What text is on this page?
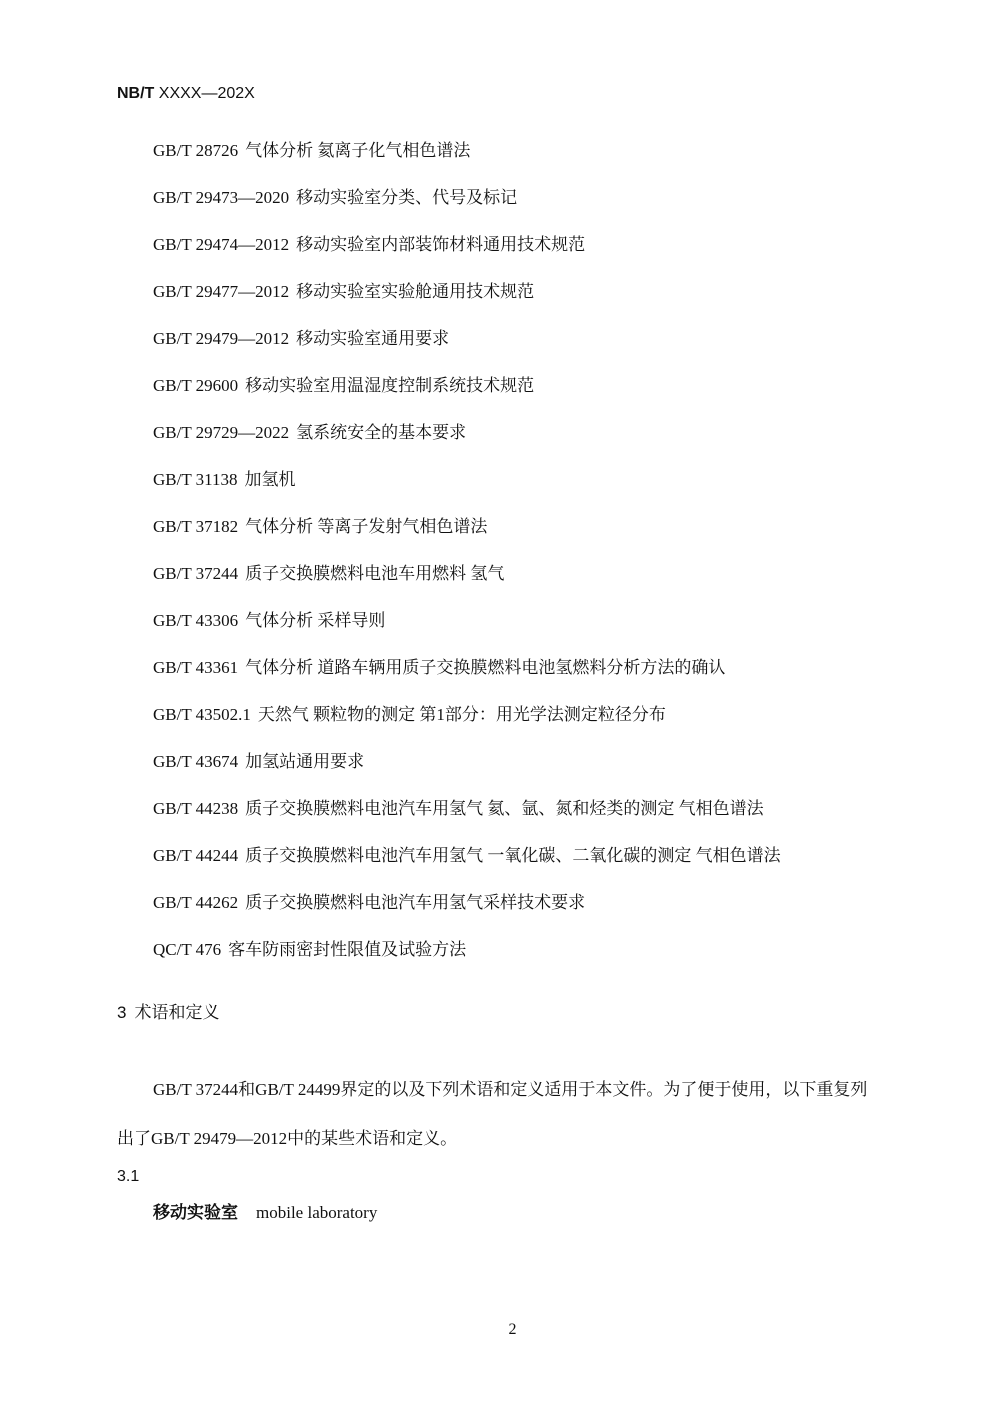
NB/T XXXX—202X
GB/T 28726 气体分析 氦离子化气相色谱法
GB/T 29473—2020 移动实验室分类、代号及标记
GB/T 29474—2012 移动实验室内部装饰材料通用技术规范
GB/T 29477—2012 移动实验室实验舱通用技术规范
GB/T 29479—2012 移动实验室通用要求
GB/T 29600 移动实验室用温湿度控制系统技术规范
GB/T 29729—2022 氢系统安全的基本要求
GB/T 31138 加氢机
GB/T 37182 气体分析 等离子发射气相色谱法
GB/T 37244 质子交换膜燃料电池车用燃料 氢气
GB/T 43306 气体分析 采样导则
GB/T 43361 气体分析 道路车辆用质子交换膜燃料电池氢燃料分析方法的确认
GB/T 43502.1 天然气 颗粒物的测定 第1部分：用光学法测定粒径分布
GB/T 43674 加氢站通用要求
GB/T 44238 质子交换膜燃料电池汽车用氢气 氦、氩、氮和烃类的测定 气相色谱法
GB/T 44244 质子交换膜燃料电池汽车用氢气 一氧化碳、二氧化碳的测定 气相色谱法
GB/T 44262 质子交换膜燃料电池汽车用氢气采样技术要求
QC/T 476 客车防雨密封性限值及试验方法
3 术语和定义
GB/T 37244和GB/T 24499界定的以及下列术语和定义适用于本文件。为了便于使用，以下重复列
出了GB/T 29479—2012中的某些术语和定义。
3.1
移动实验室 mobile laboratory
2
